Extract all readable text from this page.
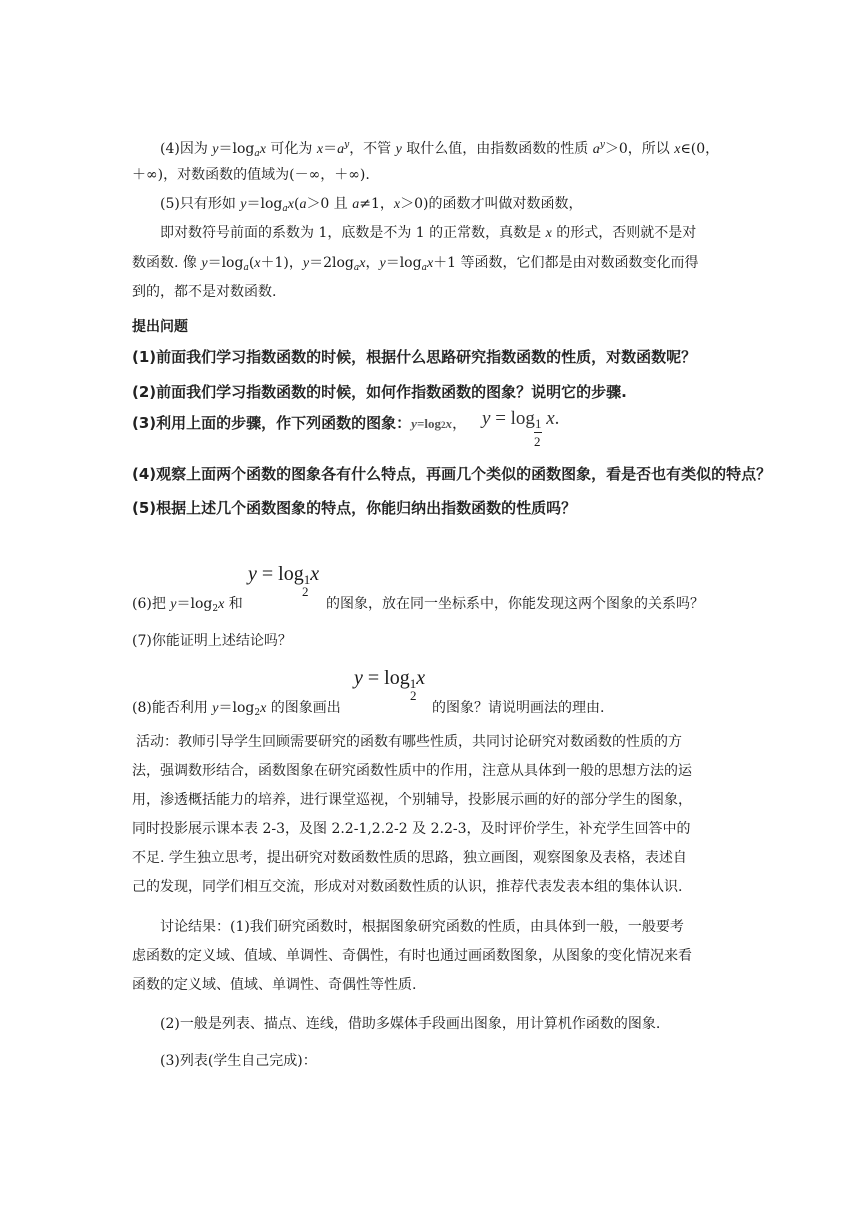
(4)因为 $y=\log_ax$ 可化为 $x=a^y$，不管 y 取什么值，由指数函数的性质 $a^y>0$，所以 x∈(0，
＋∞)，对数函数的值域为(－∞，＋∞).
(5)只有形如 $y=\log_ax(a>0$ 且 a≠1，x＞0)的函数才叫做对数函数，
即对数符号前面的系数为 1，底数是不为 1 的正常数，真数是 x 的形式，否则就不是对
数函数. 像 $y=\log_a(x+1)$，$y=2\log_ax$，$y=\log_ax+1$ 等函数，它们都是由对数函数变化而得
到的，都不是对数函数.
提出问题
(1)前面我们学习指数函数的时候，根据什么思路研究指数函数的性质，对数函数呢？
(2)前面我们学习指数函数的时候，如何作指数函数的图象？说明它的步骤.
(3)利用上面的步骤，作下列函数的图象：y=log2x， $y = \log_1 x$.
2
(4)观察上面两个函数的图象各有什么特点，再画几个类似的函数图象，看是否也有类似的特点？
(5)根据上述几个函数图象的特点，你能归纳出指数函数的性质吗？
$y = \log_1x$
(6)把 $y=\log_2x$ 和
2
的图象，放在同一坐标系中，你能发现这两个图象的关系吗？
(7)你能证明上述结论吗？
$y = \log_1x$
(8)能否利用 $y=\log_2x$ 的图象画出
2
的图象？请说明画法的理由.
活动：教师引导学生回顾需要研究的函数有哪些性质，共同讨论研究对数函数的性质的方
法，强调数形结合，函数图象在研究函数性质中的作用，注意从具体到一般的思想方法的运
用，渗透概括能力的培养，进行课堂巡视，个别辅导，投影展示画的好的部分学生的图象，
同时投影展示课本表 2-3，及图 2.2-1,2.2-2 及 2.2-3，及时评价学生，补充学生回答中的
不足. 学生独立思考，提出研究对数函数性质的思路，独立画图，观察图象及表格，表述自
己的发现，同学们相互交流，形成对对数函数性质的认识，推荐代表发表本组的集体认识.
讨论结果：(1)我们研究函数时，根据图象研究函数的性质，由具体到一般，一般要考
虑函数的定义域、值域、单调性、奇偶性，有时也通过画函数图象，从图象的变化情况来看
函数的定义域、值域、单调性、奇偶性等性质.
(2)一般是列表、描点、连线，借助多媒体手段画出图象，用计算机作函数的图象.
(3)列表(学生自己完成)：
